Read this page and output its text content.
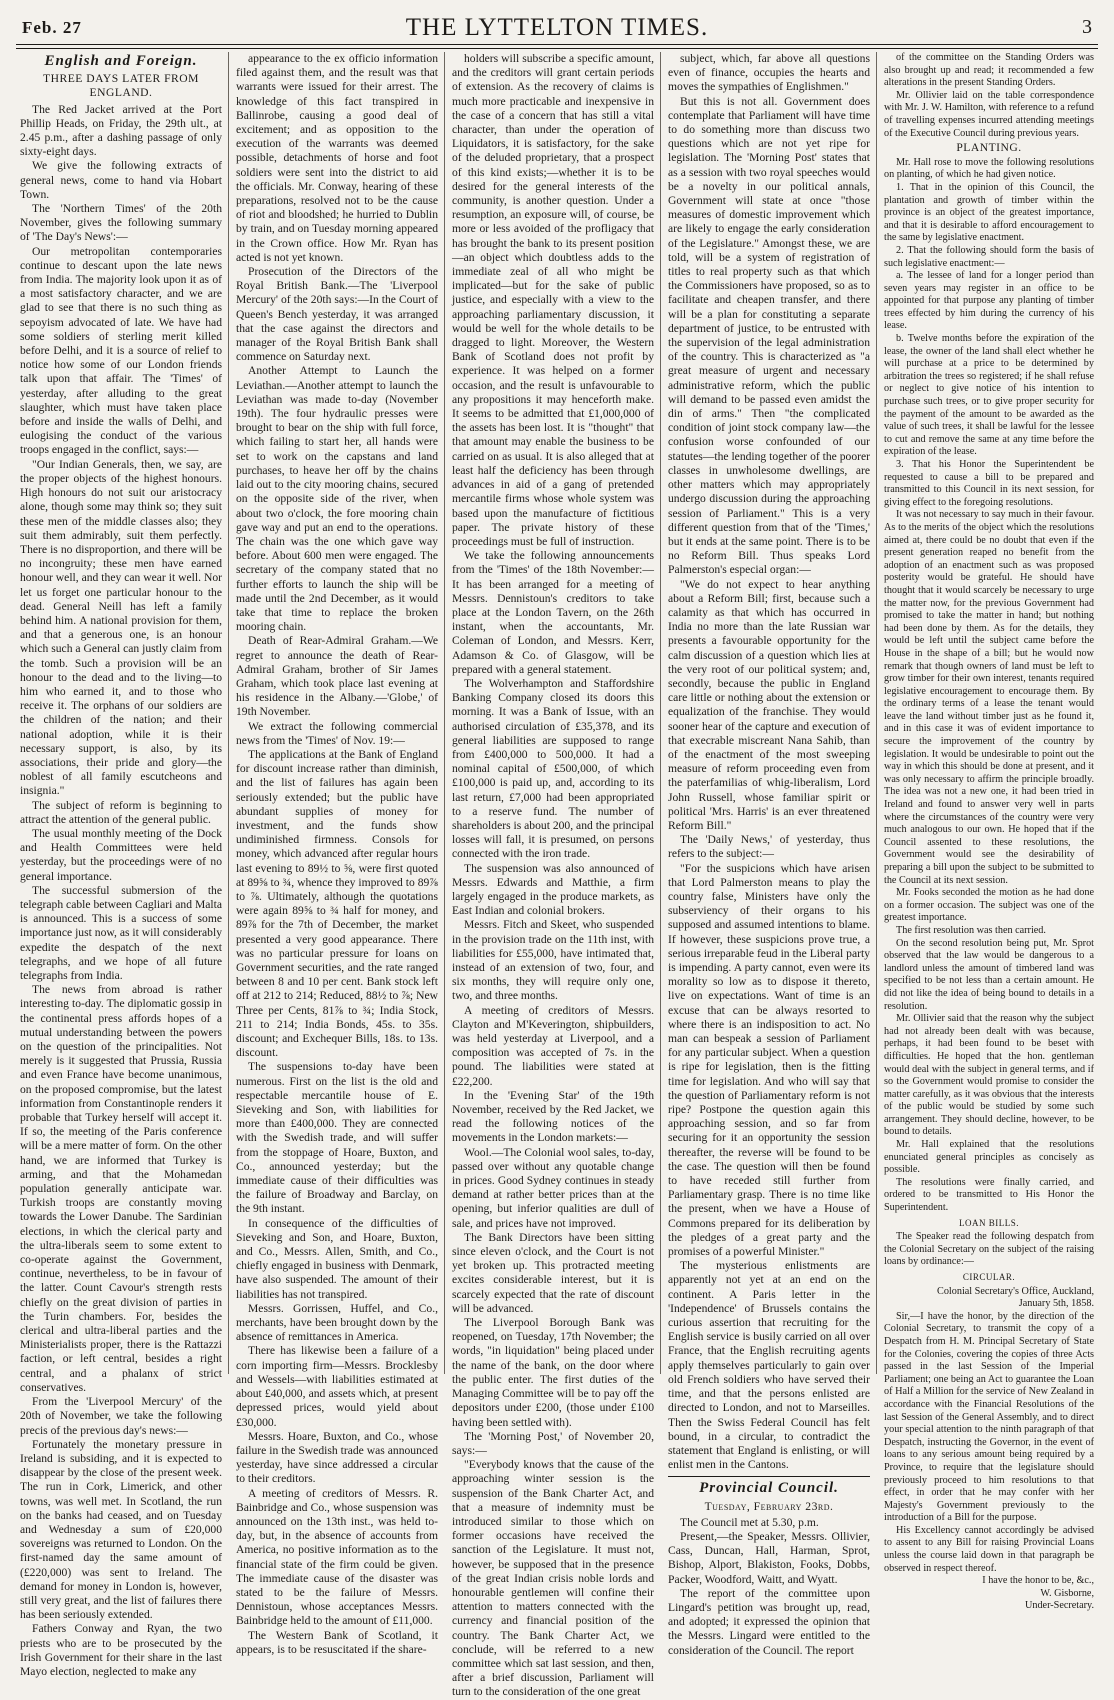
Feb. 27	THE LYTTELTON TIMES.	3
English and Foreign.
THREE DAYS LATER FROM ENGLAND.

The Red Jacket arrived at the Port Phillip Heads, on Friday, the 29th ult., at 2.45 p.m., after a dashing passage of only sixty-eight days.

We give the following extracts of general news, come to hand via Hobart Town.

The 'Northern Times' of the 20th November, gives the following summary of 'The Day's News':—

Our metropolitan contemporaries continue to descant upon the late news from India. The majority look upon it as of a most satisfactory character, and we are glad to see that there is no such thing as sepoyism advocated of late. We have had some soldiers of sterling merit killed before Delhi, and it is a source of relief to notice how some of our London friends talk upon that affair. The 'Times' of yesterday, after alluding to the great slaughter, which must have taken place before and inside the walls of Delhi, and eulogising the conduct of the various troops engaged in the conflict, says:—

"Our Indian Generals, then, we say, are the proper objects of the highest honours. High honours do not suit our aristocracy alone, though some may think so; they suit these men of the middle classes also; they suit them admirably, suit them perfectly. There is no disproportion, and there will be no incongruity; these men have earned honour well, and they can wear it well. Nor let us forget one particular honour to the dead. General Neill has left a family behind him. A national provision for them, and that a generous one, is an honour which such a General can justly claim from the tomb. Such a provision will be an honour to the dead and to the living—to him who earned it, and to those who receive it. The orphans of our soldiers are the children of the nation; and their national adoption, while it is their necessary support, is also, by its associations, their pride and glory—the noblest of all family escutcheons and insignia."

The subject of reform is beginning to attract the attention of the general public.

The usual monthly meeting of the Dock and Health Committees were held yesterday, but the proceedings were of no general importance.

The successful submersion of the telegraph cable between Cagliari and Malta is announced. This is a success of some importance just now, as it will considerably expedite the despatch of the next telegraphs, and we hope of all future telegraphs from India.

The news from abroad is rather interesting to-day. The diplomatic gossip in the continental press affords hopes of a mutual understanding between the powers on the question of the principalities. Not merely is it suggested that Prussia, Russia and even France have become unanimous, on the proposed compromise, but the latest information from Constantinople renders it probable that Turkey herself will accept it. If so, the meeting of the Paris conference will be a mere matter of form. On the other hand, we are informed that Turkey is arming, and that the Mohamedan population generally anticipate war. Turkish troops are constantly moving towards the Lower Danube. The Sardinian elections, in which the clerical party and the ultra-liberals seem to some extent to co-operate against the Government, continue, nevertheless, to be in favour of the latter. Count Cavour's strength rests chiefly on the great division of parties in the Turin chambers. For, besides the clerical and ultra-liberal parties and the Ministerialists proper, there is the Rattazzi faction, or left central, besides a right central, and a phalanx of strict conservatives.

From the 'Liverpool Mercury' of the 20th of November, we take the following precis of the previous day's news:—

Fortunately the monetary pressure in Ireland is subsiding, and it is expected to disappear by the close of the present week. The run in Cork, Limerick, and other towns, was well met. In Scotland, the run on the banks had ceased, and on Tuesday and Wednesday a sum of £20,000 sovereigns was returned to London. On the first-named day the same amount of (£220,000) was sent to Ireland. The demand for money in London is, however, still very great, and the list of failures there has been seriously extended.

Fathers Conway and Ryan, the two priests who are to be prosecuted by the Irish Government for their share in the last Mayo election, neglected to make any

appearance to the ex officio information filed against them, and the result was that warrants were issued for their arrest. The knowledge of this fact transpired in Ballinrobe, causing a good deal of excitement; and as opposition to the execution of the warrants was deemed possible, detachments of horse and foot soldiers were sent into the district to aid the officials. Mr. Conway, hearing of these preparations, resolved not to be the cause of riot and bloodshed; he hurried to Dublin by train, and on Tuesday morning appeared in the Crown office. How Mr. Ryan has acted is not yet known.

Prosecution of the Directors of the Royal British Bank.—The 'Liverpool Mercury' of the 20th says:—In the Court of Queen's Bench yesterday, it was arranged that the case against the directors and manager of the Royal British Bank shall commence on Saturday next.

Another Attempt to Launch the Leviathan.—Another attempt to launch the Leviathan was made to-day (November 19th). The four hydraulic presses were brought to bear on the ship with full force, which failing to start her, all hands were set to work on the capstans and land purchases, to heave her off by the chains laid out to the city mooring chains, secured on the opposite side of the river, when about two o'clock, the fore mooring chain gave way and put an end to the operations. The chain was the one which gave way before. About 600 men were engaged. The secretary of the company stated that no further efforts to launch the ship will be made until the 2nd December, as it would take that time to replace the broken mooring chain.

Death of Rear-Admiral Graham.—We regret to announce the death of Rear-Admiral Graham, brother of Sir James Graham, which took place last evening at his residence in the Albany.—'Globe,' of 19th November.

We extract the following commercial news from the 'Times' of Nov. 19:—

The applications at the Bank of England for discount increase rather than diminish, and the list of failures has again been seriously extended; but the public have abundant supplies of money for investment, and the funds show undiminished firmness. Consols for money, which advanced after regular hours last evening to 89½ to ⅝, were first quoted at 89⅝ to ¾, whence they improved to 89⅞ to ⅞. Ultimately, although the quotations were again 89⅝ to ¾ half for money, and 89⅞ for the 7th of December, the market presented a very good appearance. There was no particular pressure for loans on Government securities, and the rate ranged between 8 and 10 per cent. Bank stock left off at 212 to 214; Reduced, 88½ to ⅞; New Three per Cents, 81⅞ to ¾; India Stock, 211 to 214; India Bonds, 45s. to 35s. discount; and Exchequer Bills, 18s. to 13s. discount.

The suspensions to-day have been numerous. First on the list is the old and respectable mercantile house of E. Sieveking and Son, with liabilities for more than £400,000. They are connected with the Swedish trade, and will suffer from the stoppage of Hoare, Buxton, and Co., announced yesterday; but the immediate cause of their difficulties was the failure of Broadway and Barclay, on the 9th instant.

In consequence of the difficulties of Sieveking and Son, and Hoare, Buxton, and Co., Messrs. Allen, Smith, and Co., chiefly engaged in business with Denmark, have also suspended. The amount of their liabilities has not transpired.

Messrs. Gorrissen, Huffel, and Co., merchants, have been brought down by the absence of remittances in America.

There has likewise been a failure of a corn importing firm—Messrs. Brocklesby and Wessels—with liabilities estimated at about £40,000, and assets which, at present depressed prices, would yield about £30,000.

Messrs. Hoare, Buxton, and Co., whose failure in the Swedish trade was announced yesterday, have since addressed a circular to their creditors.

A meeting of creditors of Messrs. R. Bainbridge and Co., whose suspension was announced on the 13th inst., was held to-day, but, in the absence of accounts from America, no positive information as to the financial state of the firm could be given. The immediate cause of the disaster was stated to be the failure of Messrs. Dennistoun, whose acceptances Messrs. Bainbridge held to the amount of £11,000.

The Western Bank of Scotland, it appears, is to be resuscitated if the share-

holders will subscribe a specific amount, and the creditors will grant certain periods of extension. As the recovery of claims is much more practicable and inexpensive in the case of a concern that has still a vital character, than under the operation of Liquidators, it is satisfactory, for the sake of the deluded proprietary, that a prospect of this kind exists;—whether it is to be desired for the general interests of the community, is another question. Under a resumption, an exposure will, of course, be more or less avoided of the profligacy that has brought the bank to its present position—an object which doubtless adds to the immediate zeal of all who might be implicated—but for the sake of public justice, and especially with a view to the approaching parliamentary discussion, it would be well for the whole details to be dragged to light. Moreover, the Western Bank of Scotland does not profit by experience. It was helped on a former occasion, and the result is unfavourable to any propositions it may henceforth make. It seems to be admitted that £1,000,000 of the assets has been lost. It is "thought" that that amount may enable the business to be carried on as usual. It is also alleged that at least half the deficiency has been through advances in aid of a gang of pretended mercantile firms whose whole system was based upon the manufacture of fictitious paper. The private history of these proceedings must be full of instruction.

We take the following announcements from the 'Times' of the 18th November:—It has been arranged for a meeting of Messrs. Dennistoun's creditors to take place at the London Tavern, on the 26th instant, when the accountants, Mr. Coleman of London, and Messrs. Kerr, Adamson & Co. of Glasgow, will be prepared with a general statement.

The Wolverhampton and Staffordshire Banking Company closed its doors this morning. It was a Bank of Issue, with an authorised circulation of £35,378, and its general liabilities are supposed to range from £400,000 to 500,000. It had a nominal capital of £500,000, of which £100,000 is paid up, and, according to its last return, £7,000 had been appropriated to a reserve fund. The number of shareholders is about 200, and the principal losses will fall, it is presumed, on persons connected with the iron trade.

The suspension was also announced of Messrs. Edwards and Matthie, a firm largely engaged in the produce markets, as East Indian and colonial brokers.

Messrs. Fitch and Skeet, who suspended in the provision trade on the 11th inst, with liabilities for £55,000, have intimated that, instead of an extension of two, four, and six months, they will require only one, two, and three months.

A meeting of creditors of Messrs. Clayton and M'Keverington, shipbuilders, was held yesterday at Liverpool, and a composition was accepted of 7s. in the pound. The liabilities were stated at £22,200.

In the 'Evening Star' of the 19th November, received by the Red Jacket, we read the following notices of the movements in the London markets:—

Wool.—The Colonial wool sales, to-day, passed over without any quotable change in prices. Good Sydney continues in steady demand at rather better prices than at the opening, but inferior qualities are dull of sale, and prices have not improved.

The Bank Directors have been sitting since eleven o'clock, and the Court is not yet broken up. This protracted meeting excites considerable interest, but it is scarcely expected that the rate of discount will be advanced.

The Liverpool Borough Bank was reopened, on Tuesday, 17th November; the words, "in liquidation" being placed under the name of the bank, on the door where the public enter. The first duties of the Managing Committee will be to pay off the depositors under £200, (those under £100 having been settled with).

The 'Morning Post,' of November 20, says:—

"Everybody knows that the cause of the approaching winter session is the suspension of the Bank Charter Act, and that a measure of indemnity must be introduced similar to those which on former occasions have received the sanction of the Legislature. It must not, however, be supposed that in the presence of the great Indian crisis noble lords and honourable gentlemen will confine their attention to matters connected with the currency and financial position of the country. The Bank Charter Act, we conclude, will be referred to a new committee which sat last session, and then, after a brief discussion, Parliament will turn to the consideration of the one great

subject, which, far above all questions even of finance, occupies the hearts and moves the sympathies of Englishmen."

But this is not all. Government does contemplate that Parliament will have time to do something more than discuss two questions which are not yet ripe for legislation. The 'Morning Post' states that as a session with two royal speeches would be a novelty in our political annals, Government will state at once "those measures of domestic improvement which are likely to engage the early consideration of the Legislature." Amongst these, we are told, will be a system of registration of titles to real property such as that which the Commissioners have proposed, so as to facilitate and cheapen transfer, and there will be a plan for constituting a separate department of justice, to be entrusted with the supervision of the legal administration of the country. This is characterized as "a great measure of urgent and necessary administrative reform, which the public will demand to be passed even amidst the din of arms." Then "the complicated condition of joint stock company law—the confusion worse confounded of our statutes—the lending together of the poorer classes in unwholesome dwellings, are other matters which may appropriately undergo discussion during the approaching session of Parliament." This is a very different question from that of the 'Times,' but it ends at the same point. There is to be no Reform Bill. Thus speaks Lord Palmerston's especial organ:—

"We do not expect to hear anything about a Reform Bill; first, because such a calamity as that which has occurred in India no more than the late Russian war presents a favourable opportunity for the calm discussion of a question which lies at the very root of our political system; and, secondly, because the public in England care little or nothing about the extension or equalization of the franchise. They would sooner hear of the capture and execution of that execrable miscreant Nana Sahib, than of the enactment of the most sweeping measure of reform proceeding even from the paterfamilias of whig-liberalism, Lord John Russell, whose familiar spirit or political 'Mrs. Harris' is an ever threatened Reform Bill."

The 'Daily News,' of yesterday, thus refers to the subject:—

"For the suspicions which have arisen that Lord Palmerston means to play the country false, Ministers have only the subserviency of their organs to his supposed and assumed intentions to blame. If however, these suspicions prove true, a serious irreparable feud in the Liberal party is impending. A party cannot, even were its morality so low as to dispose it thereto, live on expectations. Want of time is an excuse that can be always resorted to where there is an indisposition to act. No man can bespeak a session of Parliament for any particular subject. When a question is ripe for legislation, then is the fitting time for legislation. And who will say that the question of Parliamentary reform is not ripe? Postpone the question again this approaching session, and so far from securing for it an opportunity the session thereafter, the reverse will be found to be the case. The question will then be found to have receded still further from Parliamentary grasp. There is no time like the present, when we have a House of Commons prepared for its deliberation by the pledges of a great party and the promises of a powerful Minister."

The mysterious enlistments are apparently not yet at an end on the continent. A Paris letter in the 'Independence' of Brussels contains the curious assertion that recruiting for the English service is busily carried on all over France, that the English recruiting agents apply themselves particularly to gain over old French soldiers who have served their time, and that the persons enlisted are directed to London, and not to Marseilles. Then the Swiss Federal Council has felt bound, in a circular, to contradict the statement that England is enlisting, or will enlist men in the Cantons.

Provincial Council.
Tuesday, February 23rd.

The Council met at 5.30, p.m.

Present,—the Speaker, Messrs. Ollivier, Cass, Duncan, Hall, Harman, Sprot, Bishop, Alport, Blakiston, Fooks, Dobbs, Packer, Woodford, Waitt, and Wyatt.

The report of the committee upon Lingard's petition was brought up, read, and adopted; it expressed the opinion that the Messrs. Lingard were entitled to the consideration of the Council. The report

of the committee on the Standing Orders was also brought up and read; it recommended a few alterations in the present Standing Orders.

Mr. Ollivier laid on the table correspondence with Mr. J. W. Hamilton, with reference to a refund of travelling expenses incurred attending meetings of the Executive Council during previous years.

PLANTING.

Mr. Hall rose to move the following resolutions on planting, of which he had given notice.

1. That in the opinion of this Council, the plantation and growth of timber within the province is an object of the greatest importance, and that it is desirable to afford encouragement to the same by legislative enactment.

2. That the following should form the basis of such legislative enactment:—

a. The lessee of land for a longer period than seven years may register in an office to be appointed for that purpose any planting of timber trees effected by him during the currency of his lease.

b. Twelve months before the expiration of the lease, the owner of the land shall elect whether he will purchase at a price to be determined by arbitration the trees so registered; if he shall refuse or neglect to give notice of his intention to purchase such trees, or to give proper security for the payment of the amount to be awarded as the value of such trees, it shall be lawful for the lessee to cut and remove the same at any time before the expiration of the lease.

3. That his Honor the Superintendent be requested to cause a bill to be prepared and transmitted to this Council in its next session, for giving effect to the foregoing resolutions.

It was not necessary to say much in their favour. As to the merits of the object which the resolutions aimed at, there could be no doubt that even if the present generation reaped no benefit from the adoption of an enactment such as was proposed posterity would be grateful. He should have thought that it would scarcely be necessary to urge the matter now, for the previous Government had promised to take the matter in hand; but nothing had been done by them. As for the details, they would be left until the subject came before the House in the shape of a bill; but he would now remark that though owners of land must be left to grow timber for their own interest, tenants required legislative encouragement to encourage them. By the ordinary terms of a lease the tenant would leave the land without timber just as he found it, and in this case it was of evident importance to secure the improvement of the country by legislation. It would be undesirable to point out the way in which this should be done at present, and it was only necessary to affirm the principle broadly. The idea was not a new one, it had been tried in Ireland and found to answer very well in parts where the circumstances of the country were very much analogous to our own. He hoped that if the Council assented to these resolutions, the Government would see the desirability of preparing a bill upon the subject to be submitted to the Council at its next session.

Mr. Fooks seconded the motion as he had done on a former occasion. The subject was one of the greatest importance.

The first resolution was then carried.

On the second resolution being put, Mr. Sprot observed that the law would be dangerous to a landlord unless the amount of timbered land was specified to be not less than a certain amount. He did not like the idea of being bound to details in a resolution.

Mr. Ollivier said that the reason why the subject had not already been dealt with was because, perhaps, it had been found to be beset with difficulties. He hoped that the hon. gentleman would deal with the subject in general terms, and if so the Government would promise to consider the matter carefully, as it was obvious that the interests of the public would be studied by some such arrangement. They should decline, however, to be bound to details.

Mr. Hall explained that the resolutions enunciated general principles as concisely as possible.

The resolutions were finally carried, and ordered to be transmitted to His Honor the Superintendent.

LOAN BILLS.

The Speaker read the following despatch from the Colonial Secretary on the subject of the raising loans by ordinance:—

CIRCULAR.

Colonial Secretary's Office, Auckland,

January 5th, 1858.

Sir,—I have the honor, by the direction of the Colonial Secretary, to transmit the copy of a Despatch from H. M. Principal Secretary of State for the Colonies, covering the copies of three Acts passed in the last Session of the Imperial Parliament; one being an Act to guarantee the Loan of Half a Million for the service of New Zealand in accordance with the Financial Resolutions of the last Session of the General Assembly, and to direct your special attention to the ninth paragraph of that Despatch, instructing the Governor, in the event of loans to any serious amount being required by a Province, to require that the legislature should previously proceed to him resolutions to that effect, in order that he may confer with her Majesty's Government previously to the introduction of a Bill for the purpose.

His Excellency cannot accordingly be advised to assent to any Bill for raising Provincial Loans unless the course laid down in that paragraph be observed in respect thereof.

I have the honor to be, &c.,

W. Gisborne,

Under-Secretary.
